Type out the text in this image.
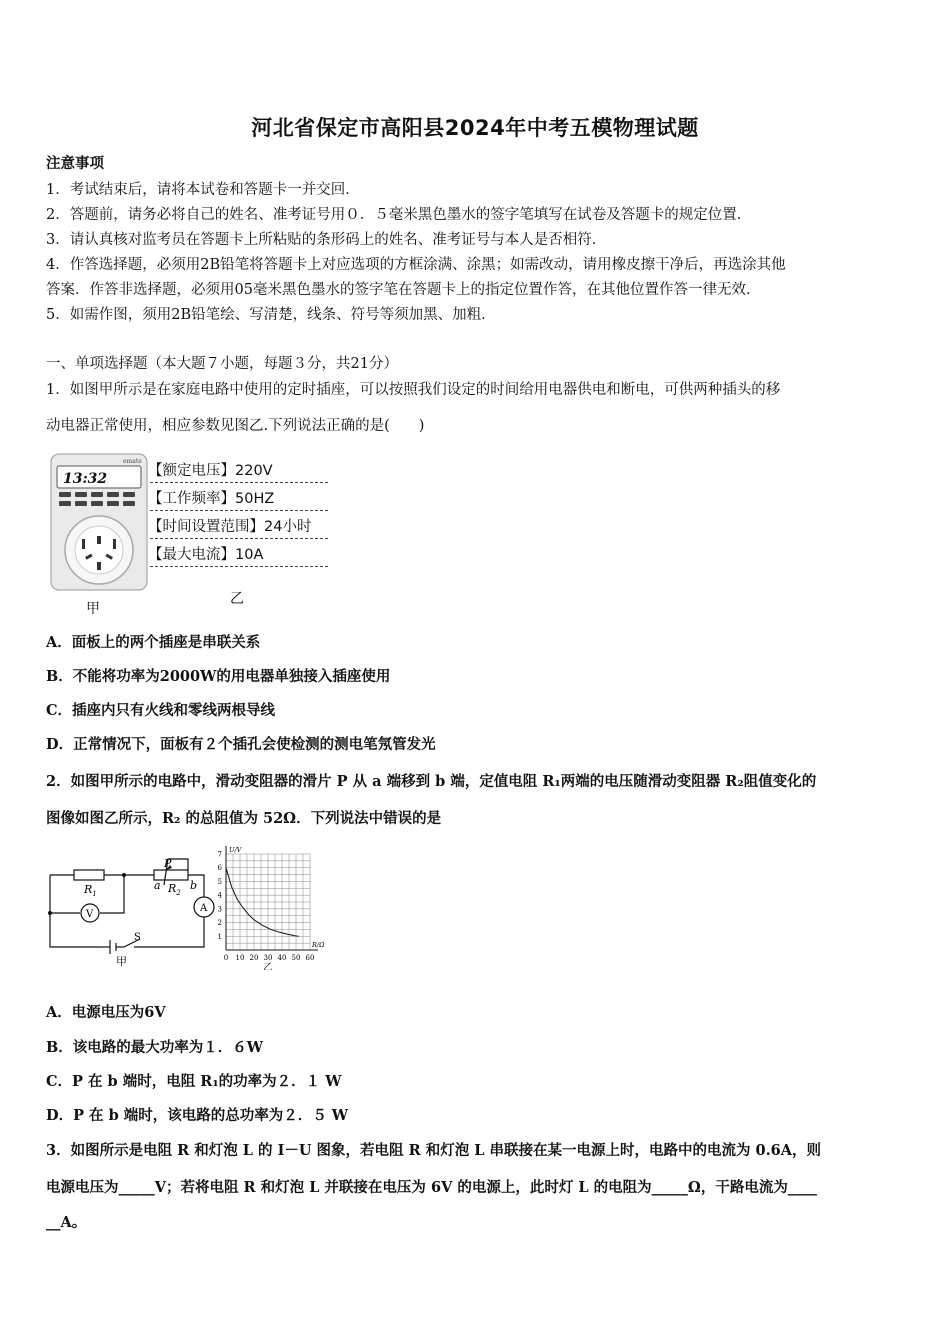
河北省保定市高阳县2024年中考五模物理试题
注意事项
1．考试结束后，请将本试卷和答题卡一并交回．
2．答题前，请务必将自己的姓名、准考证号用０．５毫米黑色墨水的签字笔填写在试卷及答题卡的规定位置．
3．请认真核对监考员在答题卡上所粘贴的条形码上的姓名、准考证号与本人是否相符．
4．作答选择题，必须用2B铅笔将答题卡上对应选项的方框涂满、涂黑；如需改动，请用橡皮擦干净后，再选涂其他
答案．作答非选择题，必须用05毫米黑色墨水的签字笔在答题卡上的指定位置作答，在其他位置作答一律无效．
5．如需作图，须用2B铅笔绘、写清楚，线条、符号等须加黑、加粗．
一、单项选择题（本大题７小题，每题３分，共21分）
1．如图甲所示是在家庭电路中使用的定时插座，可以按照我们设定的时间给用电器供电和断电，可供两种插头的移
动电器正常使用，相应参数见图乙.下列说法正确的是(　　)
emate
13:32
甲
乙
【额定电压】220V
【工作频率】50HZ
【时间设置范围】24小时
【最大电流】10A
A．面板上的两个插座是串联关系
B．不能将功率为2000W的用电器单独接入插座使用
C．插座内只有火线和零线两根导线
D．正常情况下，面板有２个插孔会使检测的测电笔氖管发光
2．如图甲所示的电路中，滑动变阻器的滑片 P 从 a 端移到 b 端，定值电阻 R₁两端的电压随滑动变阻器 R₂阻值变化的
图像如图乙所示，R₂ 的总阻值为 52Ω．下列说法中错误的是
$R_1$	$R_2$
P
a	b
V
A
S
甲	0 10 20 30 40 50 60
1
2
3
4
5
6
7
R/Ω
U/V
乙
A．电源电压为6V
B．该电路的最大功率为１．６W
C．P 在 b 端时，电阻 R₁的功率为２．１ W
D．P 在 b 端时，该电路的总功率为２．５ W
3．如图所示是电阻 R 和灯泡 L 的 I－U 图象，若电阻 R 和灯泡 L 串联接在某一电源上时，电路中的电流为 0.6A，则
电源电压为_____V；若将电阻 R 和灯泡 L 并联接在电压为 6V 的电源上，此时灯 L 的电阻为_____Ω，干路电流为____
__A。
